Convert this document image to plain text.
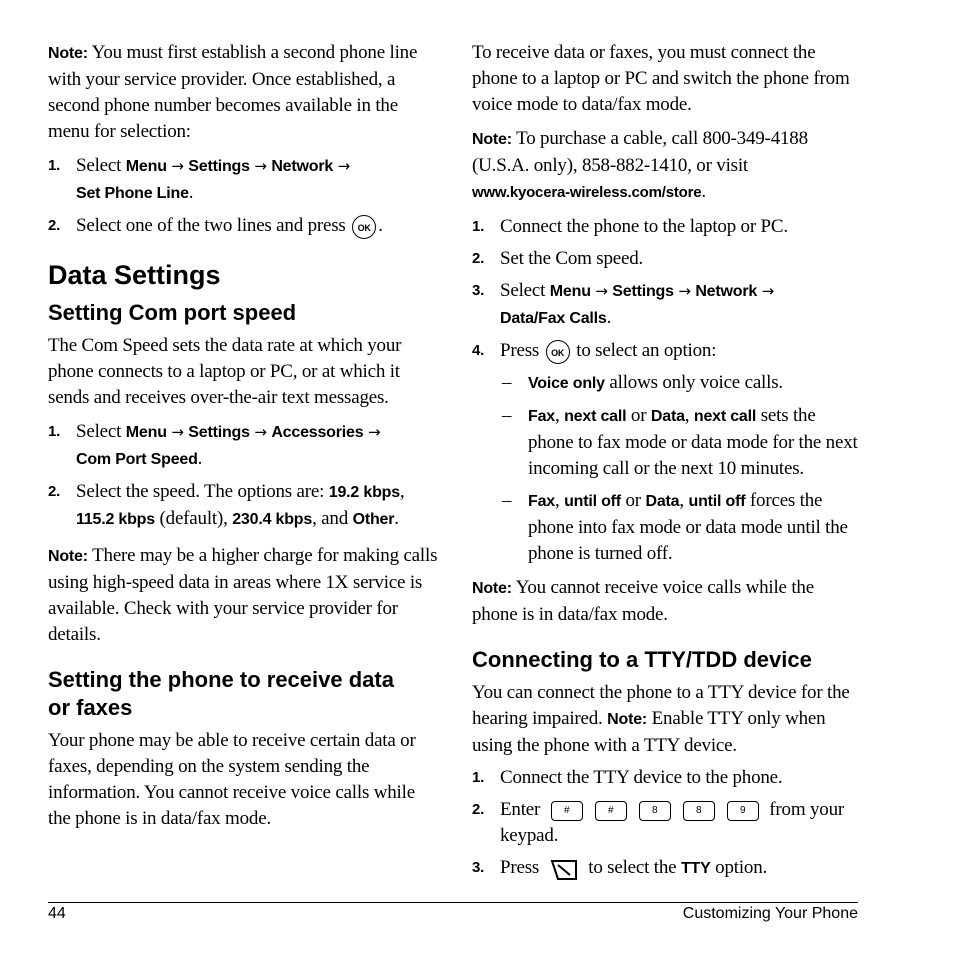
Note: You must first establish a second phone line with your service provider. Once established, a second phone number becomes available in the menu for selection:

1. Select Menu → Settings → Network →
Set Phone Line.
2. Select one of the two lines and press OK .
Data Settings
Setting Com port speed

The Com Speed sets the data rate at which your phone connects to a laptop or PC, or at which it sends and receives over-the-air text messages.

1. Select Menu → Settings → Accessories →
Com Port Speed.
2. Select the speed. The options are: 19.2 kbps, 115.2 kbps (default), 230.4 kbps, and Other.

Note: There may be a higher charge for making calls using high-speed data in areas where 1X service is available. Check with your service provider for details.

Setting the phone to receive data or faxes

Your phone may be able to receive certain data or faxes, depending on the system sending the information. You cannot receive voice calls while the phone is in data/fax mode.

To receive data or faxes, you must connect the phone to a laptop or PC and switch the phone from voice mode to data/fax mode.

Note: To purchase a cable, call 800-349-4188 (U.S.A. only), 858-882-1410, or visit
www.kyocera-wireless.com/store.

1. Connect the phone to the laptop or PC.
2. Set the Com speed.
3. Select Menu → Settings → Network →
Data/Fax Calls.
4. Press OK to select an option:
– Voice only allows only voice calls.
– Fax, next call or Data, next call sets the phone to fax mode or data mode for the next incoming call or the next 10 minutes.
– Fax, until off or Data, until off forces the phone into fax mode or data mode until the phone is turned off.

Note: You cannot receive voice calls while the phone is in data/fax mode.

Connecting to a TTY/TDD device

You can connect the phone to a TTY device for the hearing impaired. Note: Enable TTY only when using the phone with a TTY device.

1. Connect the TTY device to the phone.
2. Enter #	#	8	8	9 from your keypad.
3. Press	to select the TTY option.
44	Customizing Your Phone
